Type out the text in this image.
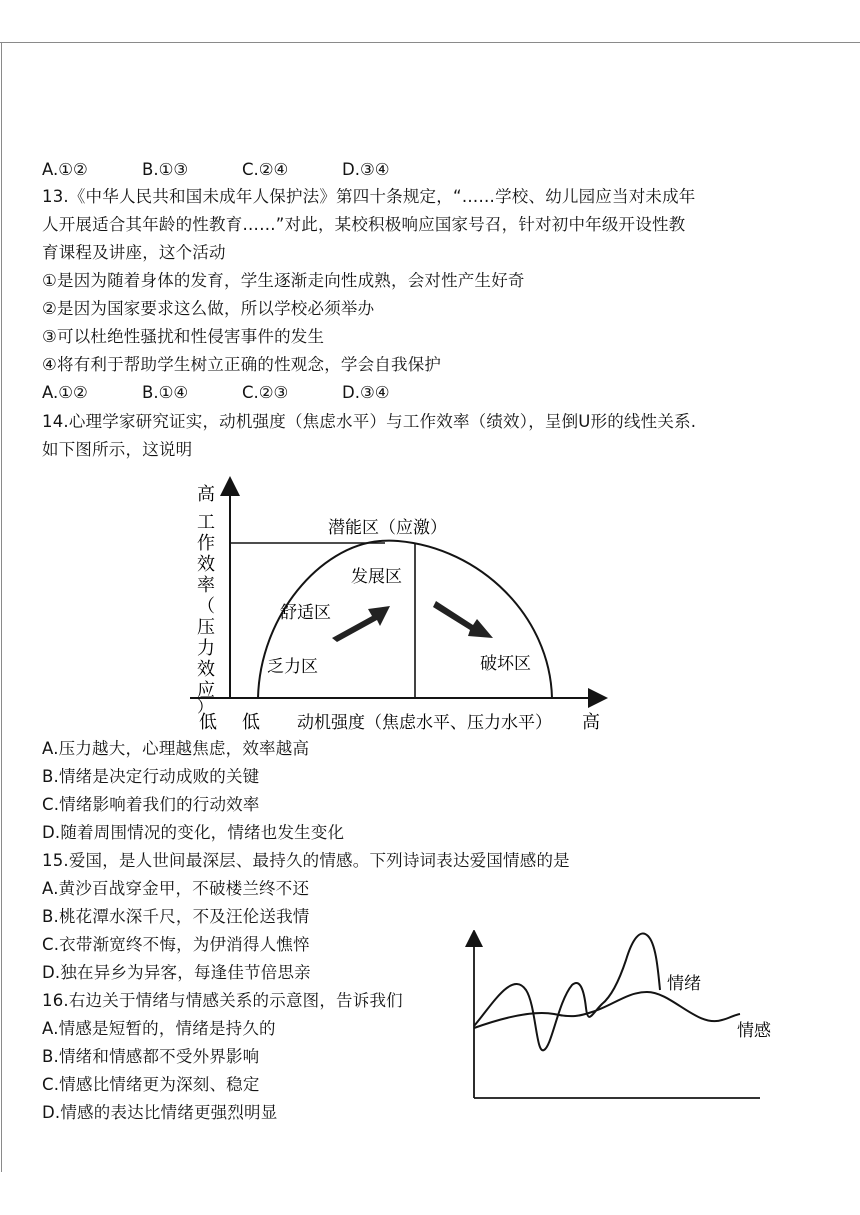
A.①②	B.①③	C.②④	D.③④
13.《中华人民共和国未成年人保护法》第四十条规定，“……学校、幼儿园应当对未成年
人开展适合其年龄的性教育……”对此，某校积极响应国家号召，针对初中年级开设性教
育课程及讲座，这个活动
①是因为随着身体的发育，学生逐渐走向性成熟，会对性产生好奇
②是因为国家要求这么做，所以学校必须举办
③可以杜绝性骚扰和性侵害事件的发生
④将有利于帮助学生树立正确的性观念，学会自我保护
A.①②	B.①④	C.②③	D.③④
14.心理学家研究证实，动机强度（焦虑水平）与工作效率（绩效），呈倒U形的线性关系.
如下图所示，这说明
高
工
作
效
率
（
压
力
效
应
）
低 低 动机强度（焦虑水平、压力水平） 高
潜能区（应激）
发展区
舒适区
乏力区	破坏区
A.压力越大，心理越焦虑，效率越高
B.情绪是决定行动成败的关键
C.情绪影响着我们的行动效率
D.随着周围情况的变化，情绪也发生变化
15.爱国，是人世间最深层、最持久的情感。下列诗词表达爱国情感的是
A.黄沙百战穿金甲，不破楼兰终不还
B.桃花潭水深千尺，不及汪伦送我情
C.衣带渐宽终不悔，为伊消得人憔悴
D.独在异乡为异客，每逢佳节倍思亲
16.右边关于情绪与情感关系的示意图，告诉我们
A.情感是短暂的，情绪是持久的
B.情绪和情感都不受外界影响
C.情感比情绪更为深刻、稳定
D.情感的表达比情绪更强烈明显
情绪
情感
